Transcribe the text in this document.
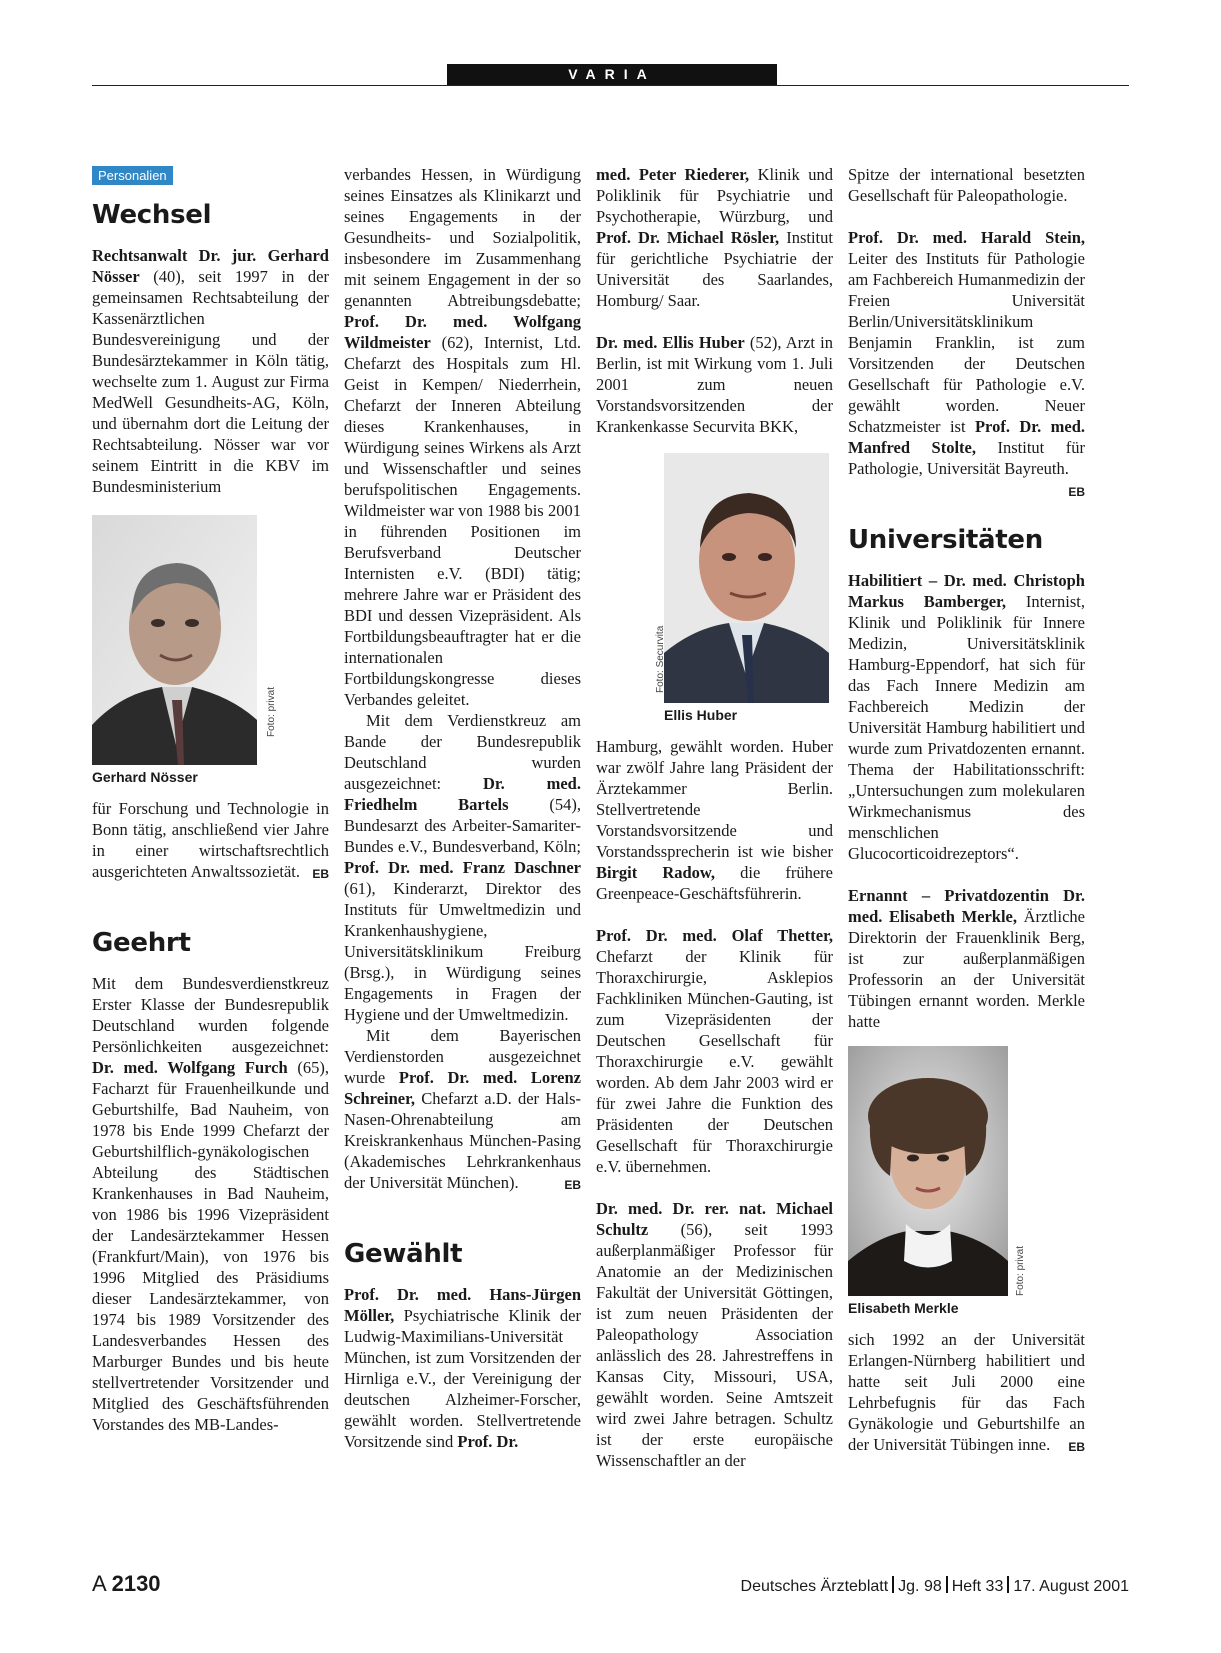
VARIA
Personalien
Wechsel

Rechtsanwalt Dr. jur. Gerhard Nösser (40), seit 1997 in der gemeinsamen Rechtsabteilung der Kassenärztlichen Bundesvereinigung und der Bundesärztekammer in Köln tätig, wechselte zum 1. August zur Firma MedWell Gesundheits-AG, Köln, und übernahm dort die Leitung der Rechtsabteilung. Nösser war vor seinem Eintritt in die KBV im Bundesministerium

Foto: privat
Gerhard Nösser

für Forschung und Technologie in Bonn tätig, anschließend vier Jahre in einer wirtschaftsrechtlich ausgerichteten Anwaltssozietät. EB

Geehrt

Mit dem Bundesverdienstkreuz Erster Klasse der Bundesrepublik Deutschland wurden folgende Persönlichkeiten ausgezeichnet: Dr. med. Wolfgang Furch (65), Facharzt für Frauenheilkunde und Geburtshilfe, Bad Nauheim, von 1978 bis Ende 1999 Chefarzt der Geburtshilflich-gynäkologischen Abteilung des Städtischen Krankenhauses in Bad Nauheim, von 1986 bis 1996 Vizepräsident der Landesärztekammer Hessen (Frankfurt/Main), von 1976 bis 1996 Mitglied des Präsidiums dieser Landesärztekammer, von 1974 bis 1989 Vorsitzender des Landesverbandes Hessen des Marburger Bundes und bis heute stellvertretender Vorsitzender und Mitglied des Geschäftsführenden Vorstandes des MB-Landes-

verbandes Hessen, in Würdigung seines Einsatzes als Klinikarzt und seines Engagements in der Gesundheits- und Sozialpolitik, insbesondere im Zusammenhang mit seinem Engagement in der so genannten Abtreibungsdebatte; Prof. Dr. med. Wolfgang Wildmeister (62), Internist, Ltd. Chefarzt des Hospitals zum Hl. Geist in Kempen/ Niederrhein, Chefarzt der Inneren Abteilung dieses Krankenhauses, in Würdigung seines Wirkens als Arzt und Wissenschaftler und seines berufspolitischen Engagements. Wildmeister war von 1988 bis 2001 in führenden Positionen im Berufsverband Deutscher Internisten e.V. (BDI) tätig; mehrere Jahre war er Präsident des BDI und dessen Vizepräsident. Als Fortbildungsbeauftragter hat er die internationalen Fortbildungskongresse dieses Verbandes geleitet.

Mit dem Verdienstkreuz am Bande der Bundesrepublik Deutschland wurden ausgezeichnet: Dr. med. Friedhelm Bartels (54), Bundesarzt des Arbeiter-Samariter-Bundes e.V., Bundesverband, Köln; Prof. Dr. med. Franz Daschner (61), Kinderarzt, Direktor des Instituts für Umweltmedizin und Krankenhaushygiene, Universitätsklinikum Freiburg (Brsg.), in Würdigung seines Engagements in Fragen der Hygiene und der Umweltmedizin.

Mit dem Bayerischen Verdienstorden ausgezeichnet wurde Prof. Dr. med. Lorenz Schreiner, Chefarzt a.D. der Hals-Nasen-Ohrenabteilung am Kreiskrankenhaus München-Pasing (Akademisches Lehrkrankenhaus der Universität München).	EB

Gewählt

Prof. Dr. med. Hans-Jürgen Möller, Psychiatrische Klinik der Ludwig-Maximilians-Universität München, ist zum Vorsitzenden der Hirnliga e.V., der Vereinigung der deutschen Alzheimer-Forscher, gewählt worden. Stellvertretende Vorsitzende sind Prof. Dr.

med. Peter Riederer, Klinik und Poliklinik für Psychiatrie und Psychotherapie, Würzburg, und Prof. Dr. Michael Rösler, Institut für gerichtliche Psychiatrie der Universität des Saarlandes, Homburg/ Saar.

Dr. med. Ellis Huber (52), Arzt in Berlin, ist mit Wirkung vom 1. Juli 2001 zum neuen Vorstandsvorsitzenden der Krankenkasse Securvita BKK,

Foto: Securvita
Ellis Huber

Hamburg, gewählt worden. Huber war zwölf Jahre lang Präsident der Ärztekammer Berlin. Stellvertretende Vorstandsvorsitzende und Vorstandssprecherin ist wie bisher Birgit Radow, die frühere Greenpeace-Geschäftsführerin.

Prof. Dr. med. Olaf Thetter, Chefarzt der Klinik für Thoraxchirurgie, Asklepios Fachkliniken München-Gauting, ist zum Vizepräsidenten der Deutschen Gesellschaft für Thoraxchirurgie e.V. gewählt worden. Ab dem Jahr 2003 wird er für zwei Jahre die Funktion des Präsidenten der Deutschen Gesellschaft für Thoraxchirurgie e.V. übernehmen.

Dr. med. Dr. rer. nat. Michael Schultz (56), seit 1993 außerplanmäßiger Professor für Anatomie an der Medizinischen Fakultät der Universität Göttingen, ist zum neuen Präsidenten der Paleopathology Association anlässlich des 28. Jahrestreffens in Kansas City, Missouri, USA, gewählt worden. Seine Amtszeit wird zwei Jahre betragen. Schultz ist der erste europäische Wissenschaftler an der

Spitze der international besetzten Gesellschaft für Paleopathologie.

Prof. Dr. med. Harald Stein, Leiter des Instituts für Pathologie am Fachbereich Humanmedizin der Freien Universität Berlin/Universitätsklinikum Benjamin Franklin, ist zum Vorsitzenden der Deutschen Gesellschaft für Pathologie e.V. gewählt worden. Neuer Schatzmeister ist Prof. Dr. med. Manfred Stolte, Institut für Pathologie, Universität Bayreuth.
EB

Universitäten

Habilitiert – Dr. med. Christoph Markus Bamberger, Internist, Klinik und Poliklinik für Innere Medizin, Universitätsklinik Hamburg-Eppendorf, hat sich für das Fach Innere Medizin am Fachbereich Medizin der Universität Hamburg habilitiert und wurde zum Privatdozenten ernannt. Thema der Habilitationsschrift: „Untersuchungen zum molekularen Wirkmechanismus des menschlichen Glucocorticoidrezeptors“.

Ernannt – Privatdozentin Dr. med. Elisabeth Merkle, Ärztliche Direktorin der Frauenklinik Berg, ist zur außerplanmäßigen Professorin an der Universität Tübingen ernannt worden. Merkle hatte

Foto: privat
Elisabeth Merkle

sich 1992 an der Universität Erlangen-Nürnberg habilitiert und hatte seit Juli 2000 eine Lehrbefugnis für das Fach Gynäkologie und Geburtshilfe an der Universität Tübingen inne. EB

A 2130	Deutsches Ärzteblatt Jg. 98 Heft 33 17. August 2001
